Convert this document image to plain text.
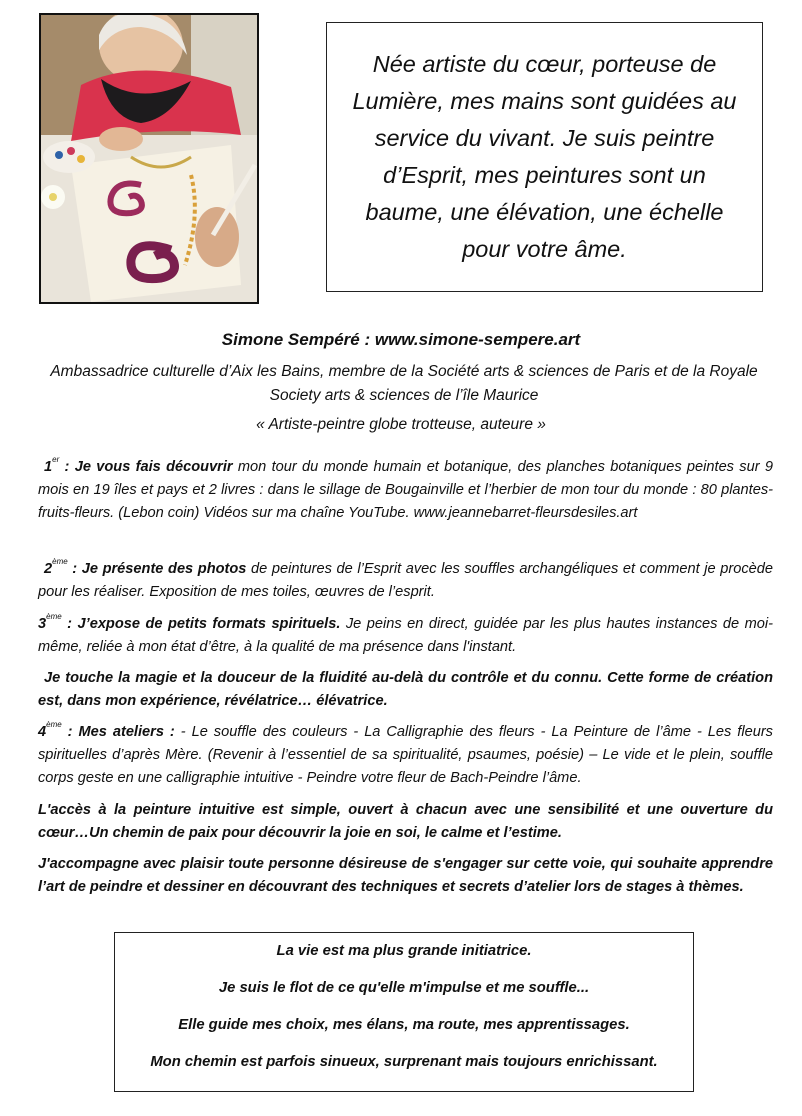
Née artiste du cœur, porteuse de Lumière, mes mains sont guidées au service du vivant. Je suis peintre d’Esprit, mes peintures sont un baume, une élévation, une échelle pour votre âme.
Simone Sempéré : www.simone-sempere.art
Ambassadrice culturelle d’Aix les Bains, membre de la Société arts & sciences de Paris et de la Royale Society arts & sciences de l’île Maurice
« Artiste-peintre globe trotteuse, auteure »
1er : Je vous fais découvrir mon tour du monde humain et botanique, des planches botaniques peintes sur 9 mois en 19 îles et pays et 2 livres : dans le sillage de Bougainville et l’herbier de mon tour du monde : 80 plantes-fruits-fleurs. (Lebon coin) Vidéos sur ma chaîne YouTube. www.jeannebarret-fleursdesiles.art
2ème : Je présente des photos de peintures de l’Esprit avec les souffles archangéliques et comment je procède pour les réaliser. Exposition de mes toiles, œuvres de l’esprit.
3ème : J’expose de petits formats spirituels. Je peins en direct, guidée par les plus hautes instances de moi-même, reliée à mon état d’être, à la qualité de ma présence dans l'instant.
Je touche la magie et la douceur de la fluidité au-delà du contrôle et du connu. Cette forme de création est, dans mon expérience, révélatrice… élévatrice.
4ème : Mes ateliers : - Le souffle des couleurs - La Calligraphie des fleurs - La Peinture de l’âme - Les fleurs spirituelles d’après Mère. (Revenir à l’essentiel de sa spiritualité, psaumes, poésie) – Le vide et le plein, souffle corps geste en une calligraphie intuitive - Peindre votre fleur de Bach-Peindre l’âme.
L'accès à la peinture intuitive est simple, ouvert à chacun avec une sensibilité et une ouverture du cœur…Un chemin de paix pour découvrir la joie en soi, le calme et l’estime.
J'accompagne avec plaisir toute personne désireuse de s'engager sur cette voie, qui souhaite apprendre l’art de peindre et dessiner en découvrant des techniques et secrets d’atelier lors de stages à thèmes.
La vie est ma plus grande initiatrice.
Je suis le flot de ce qu'elle m'impulse et me souffle...
Elle guide mes choix, mes élans, ma route, mes apprentissages.
Mon chemin est parfois sinueux, surprenant mais toujours enrichissant.
